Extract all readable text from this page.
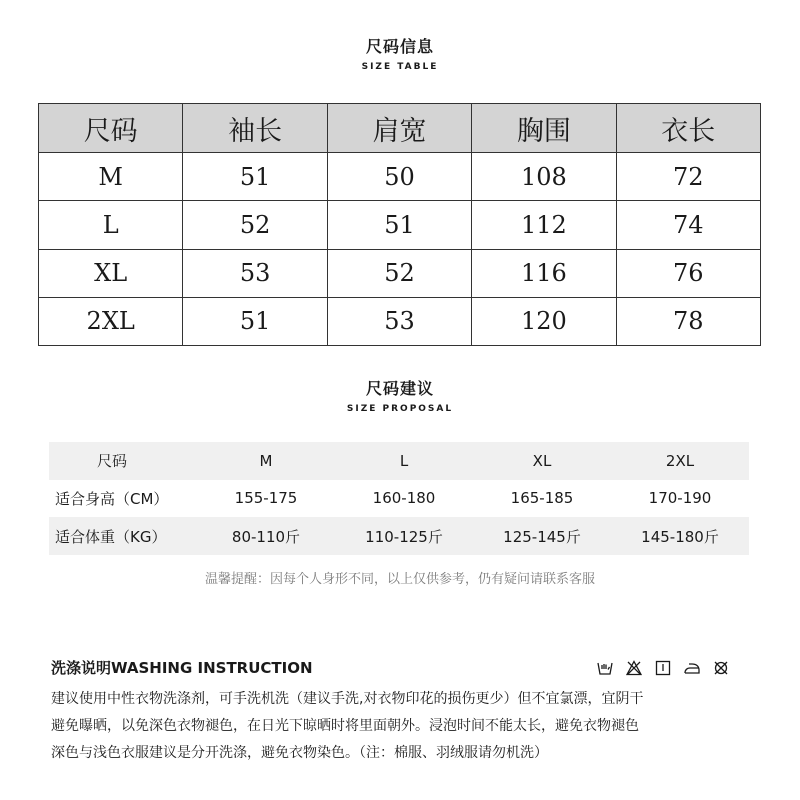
尺码信息
SIZE TABLE
尺码	袖长	肩宽	胸围	衣长
M	51	50	108	72
L	52	51	112	74
XL	53	52	116	76
2XL	51	53	120	78
尺码建议
SIZE PROPOSAL
尺码	M	L	XL	2XL
适合身高（CM）	155-175	160-180	165-185	170-190
适合体重（KG）	80-110斤	110-125斤	125-145斤	145-180斤
温馨提醒：因每个人身形不同，以上仅供参考，仍有疑问请联系客服
洗涤说明WASHING INSTRUCTION
建议使用中性衣物洗涤剂，可手洗机洗（建议手洗,对衣物印花的损伤更少）但不宜氯漂，宜阴干
避免曝晒，以免深色衣物褪色，在日光下晾晒时将里面朝外。浸泡时间不能太长，避免衣物褪色
深色与浅色衣服建议是分开洗涤，避免衣物染色。（注：棉服、羽绒服请勿机洗）
